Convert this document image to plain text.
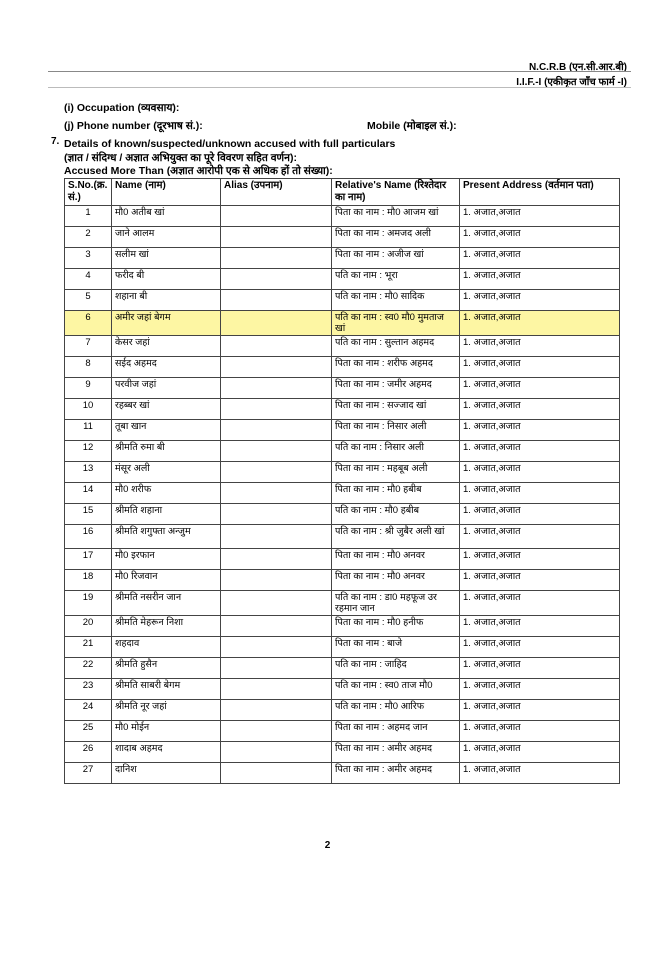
N.C.R.B (एन.सी.आर.बी)
I.I.F.-I (एकीकृत जाँच फार्म -I)
(i) Occupation (व्यवसाय):
(j) Phone number (दूरभाष सं.):	Mobile (मोबाइल सं.):
7. Details of known/suspected/unknown accused with full particulars
(ज्ञात / संदिग्ध / अज्ञात अभियुक्त का पूरे विवरण सहित वर्णन):
Accused More Than (अज्ञात आरोपी एक से अधिक हों तो संख्या):
S.No.(क्र. सं.)	Name (नाम)	Alias (उपनाम)	Relative's Name (रिश्तेदार का नाम)	Present Address (वर्तमान पता)
1	मौ0 अतीब खां		पिता का नाम : मौ0 आजम खां	1. अजात,अजात
2	जाने आलम		पिता का नाम : अमजद अली	1. अजात,अजात
3	सलीम खां		पिता का नाम : अजीज खां	1. अजात,अजात
4	फरीद बी		पति का नाम : भूरा	1. अजात,अजात
5	शहाना बी		पति का नाम : मौ0 सादिक	1. अजात,अजात
6	अमीर जहां बेगम		पति का नाम : स्व0 मौ0 मुमताज खां	1. अजात,अजात
7	केसर जहां		पति का नाम : सुल्तान अहमद	1. अजात,अजात
8	सईद अहमद		पिता का नाम : शरीफ अहमद	1. अजात,अजात
9	परवीज जहां		पिता का नाम : जमीर अहमद	1. अजात,अजात
10	रहब्बर खां		पिता का नाम : सज्जाद खां	1. अजात,अजात
11	तूबा खान		पिता का नाम : निसार अली	1. अजात,अजात
12	श्रीमति रुमा बी		पति का नाम : निसार अली	1. अजात,अजात
13	मंसूर अली		पिता का नाम : महबूब अली	1. अजात,अजात
14	मौ0 शरीफ		पिता का नाम : मौ0 हबीब	1. अजात,अजात
15	श्रीमति शहाना		पति का नाम : मौ0 हबीब	1. अजात,अजात
16	श्रीमति शगुफ्ता अन्जुम		पति का नाम : श्री जुबैर अली खां	1. अजात,अजात
17	मौ0 इरफान		पिता का नाम : मौ0 अनवर	1. अजात,अजात
18	मौ0 रिजवान		पिता का नाम : मौ0 अनवर	1. अजात,अजात
19	श्रीमति नसरीन जान		पति का नाम : डा0 महफूज उर रहमान जान	1. अजात,अजात
20	श्रीमति मेहरून निशा		पिता का नाम : मौ0 हनीफ	1. अजात,अजात
21	शहदाव		पिता का नाम : बाजे	1. अजात,अजात
22	श्रीमति हुसैन		पति का नाम : जाहिद	1. अजात,अजात
23	श्रीमति साबरी बेगम		पति का नाम : स्व0 ताज मौ0	1. अजात,अजात
24	श्रीमति नूर जहां		पति का नाम : मौ0 आरिफ	1. अजात,अजात
25	मौ0 मोईन		पिता का नाम : अहमद जान	1. अजात,अजात
26	शादाब अहमद		पिता का नाम : अमीर अहमद	1. अजात,अजात
27	दानिश		पिता का नाम : अमीर अहमद	1. अजात,अजात
2
